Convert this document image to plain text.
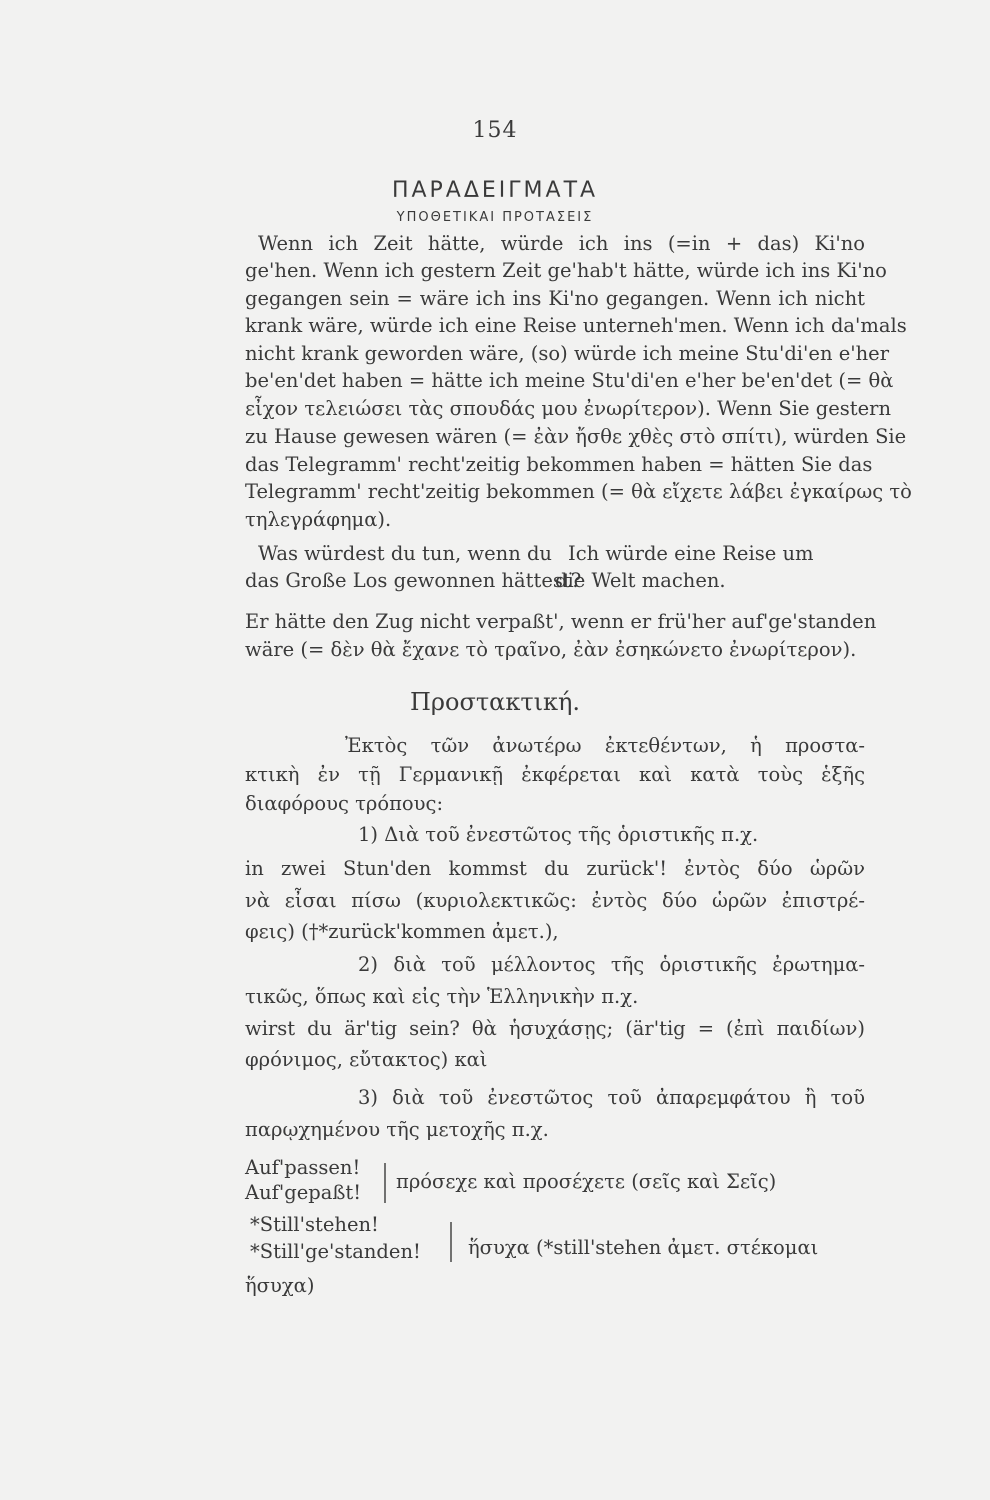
154
ΠΑΡΑΔΕΙΓΜΑΤΑ
ΥΠΟΘΕΤΙΚΑΙ ΠΡΟΤΑΣΕΙΣ
Wenn ich Zeit hätte, würde ich ins (=in + das) Ki'no
ge'hen. Wenn ich gestern Zeit ge'hab't hätte, würde ich ins Ki'no
gegangen sein = wäre ich ins Ki'no gegangen. Wenn ich nicht
krank wäre, würde ich eine Reise unterneh'men. Wenn ich da'mals
nicht krank geworden wäre, (so) würde ich meine Stu'di'en e'her
be'en'det haben = hätte ich meine Stu'di'en e'her be'en'det (= θὰ
εἶχον τελειώσει τὰς σπουδάς μου ἐνωρίτερον). Wenn Sie gestern
zu Hause gewesen wären (= ἐὰν ἤσθε χθὲς στὸ σπίτι), würden Sie
das Telegramm' recht'zeitig bekommen haben = hätten Sie das
Telegramm' recht'zeitig bekommen (= θὰ εἴχετε λάβει ἐγκαίρως τὸ
τηλεγράφημα).
Was würdest du tun, wenn du
das Große Los gewonnen hättest?
Ich würde eine Reise um
die Welt machen.
Er hätte den Zug nicht verpaßt', wenn er frü'her auf'ge'standen
wäre (= δὲν θὰ ἔχανε τὸ τραῖνο, ἐὰν ἐσηκώνετο ἐνωρίτερον).
Προστακτική.
Ἐκτὸς τῶν ἀνωτέρω ἐκτεθέντων, ἡ προστα-
κτικὴ ἐν τῇ Γερμανικῇ ἐκφέρεται καὶ κατὰ τοὺς ἑξῆς
διαφόρους τρόπους:
1) Διὰ τοῦ ἐνεστῶτος τῆς ὁριστικῆς π.χ.
in zwei Stun'den kommst du zurück'! ἐντὸς δύο ὡρῶν
νὰ εἶσαι πίσω (κυριολεκτικῶς: ἐντὸς δύο ὡρῶν ἐπιστρέ-
φεις) (†*zurück'kommen ἀμετ.),
2) διὰ τοῦ μέλλοντος τῆς ὁριστικῆς ἐρωτημα-
τικῶς, ὅπως καὶ εἰς τὴν Ἑλληνικὴν π.χ.
wirst du är'tig sein? θὰ ἡσυχάσῃς; (är'tig = (ἐπὶ παιδίων)
φρόνιμος, εὔτακτος) καὶ
3) διὰ τοῦ ἐνεστῶτος τοῦ ἀπαρεμφάτου ἢ τοῦ
παρῳχημένου τῆς μετοχῆς π.χ.
Auf'passen!
Auf'gepaßt! πρόσεχε καὶ προσέχετε (σεῖς καὶ Σεῖς)
*Still'stehen!
*Still'ge'standen! ἥσυχα (*still'stehen ἀμετ. στέκομαι
ἥσυχα)
